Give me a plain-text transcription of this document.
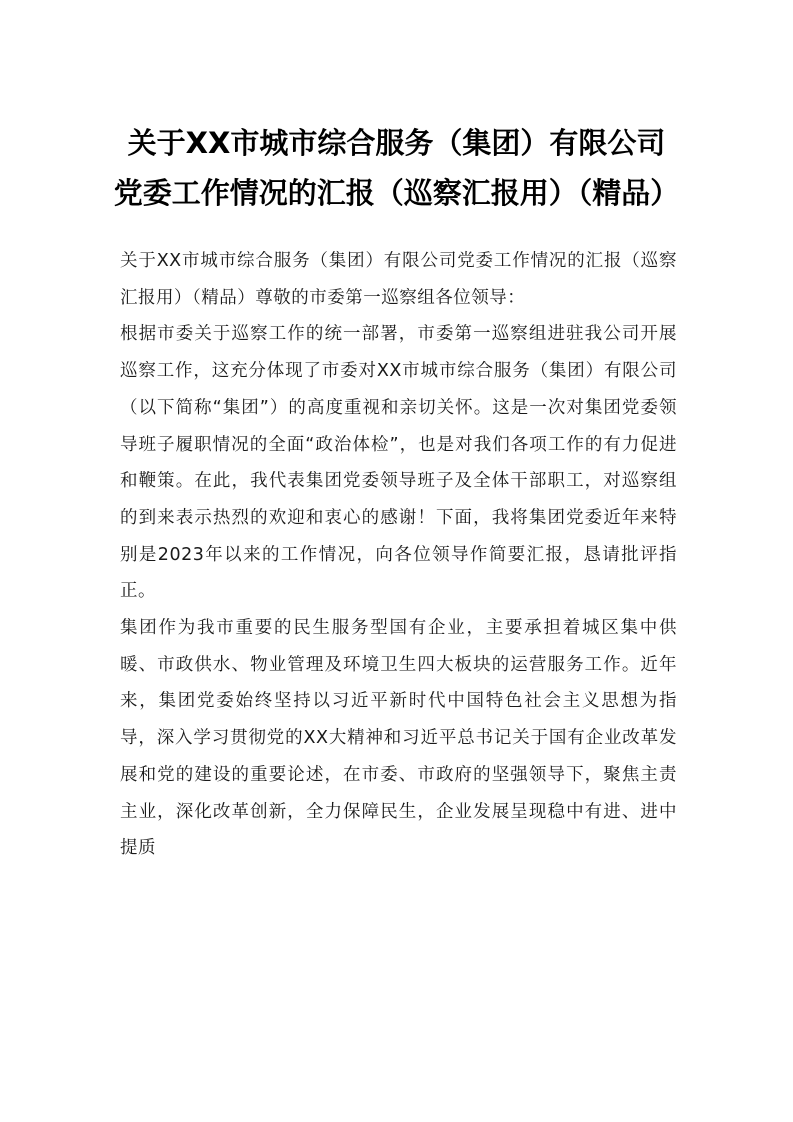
关于XX市城市综合服务（集团）有限公司
党委工作情况的汇报（巡察汇报用）（精品）

关于XX市城市综合服务（集团）有限公司党委工作情况的汇报（巡察汇报用）（精品）尊敬的市委第一巡察组各位领导：

根据市委关于巡察工作的统一部署，市委第一巡察组进驻我公司开展巡察工作，这充分体现了市委对XX市城市综合服务（集团）有限公司（以下简称“集团”）的高度重视和亲切关怀。这是一次对集团党委领导班子履职情况的全面“政治体检”，也是对我们各项工作的有力促进和鞭策。在此，我代表集团党委领导班子及全体干部职工，对巡察组的到来表示热烈的欢迎和衷心的感谢！下面，我将集团党委近年来特别是2023年以来的工作情况，向各位领导作简要汇报，恳请批评指正。

集团作为我市重要的民生服务型国有企业，主要承担着城区集中供暖、市政供水、物业管理及环境卫生四大板块的运营服务工作。近年来，集团党委始终坚持以习近平新时代中国特色社会主义思想为指导，深入学习贯彻党的XX大精神和习近平总书记关于国有企业改革发展和党的建设的重要论述，在市委、市政府的坚强领导下，聚焦主责主业，深化改革创新，全力保障民生，企业发展呈现稳中有进、进中提质
